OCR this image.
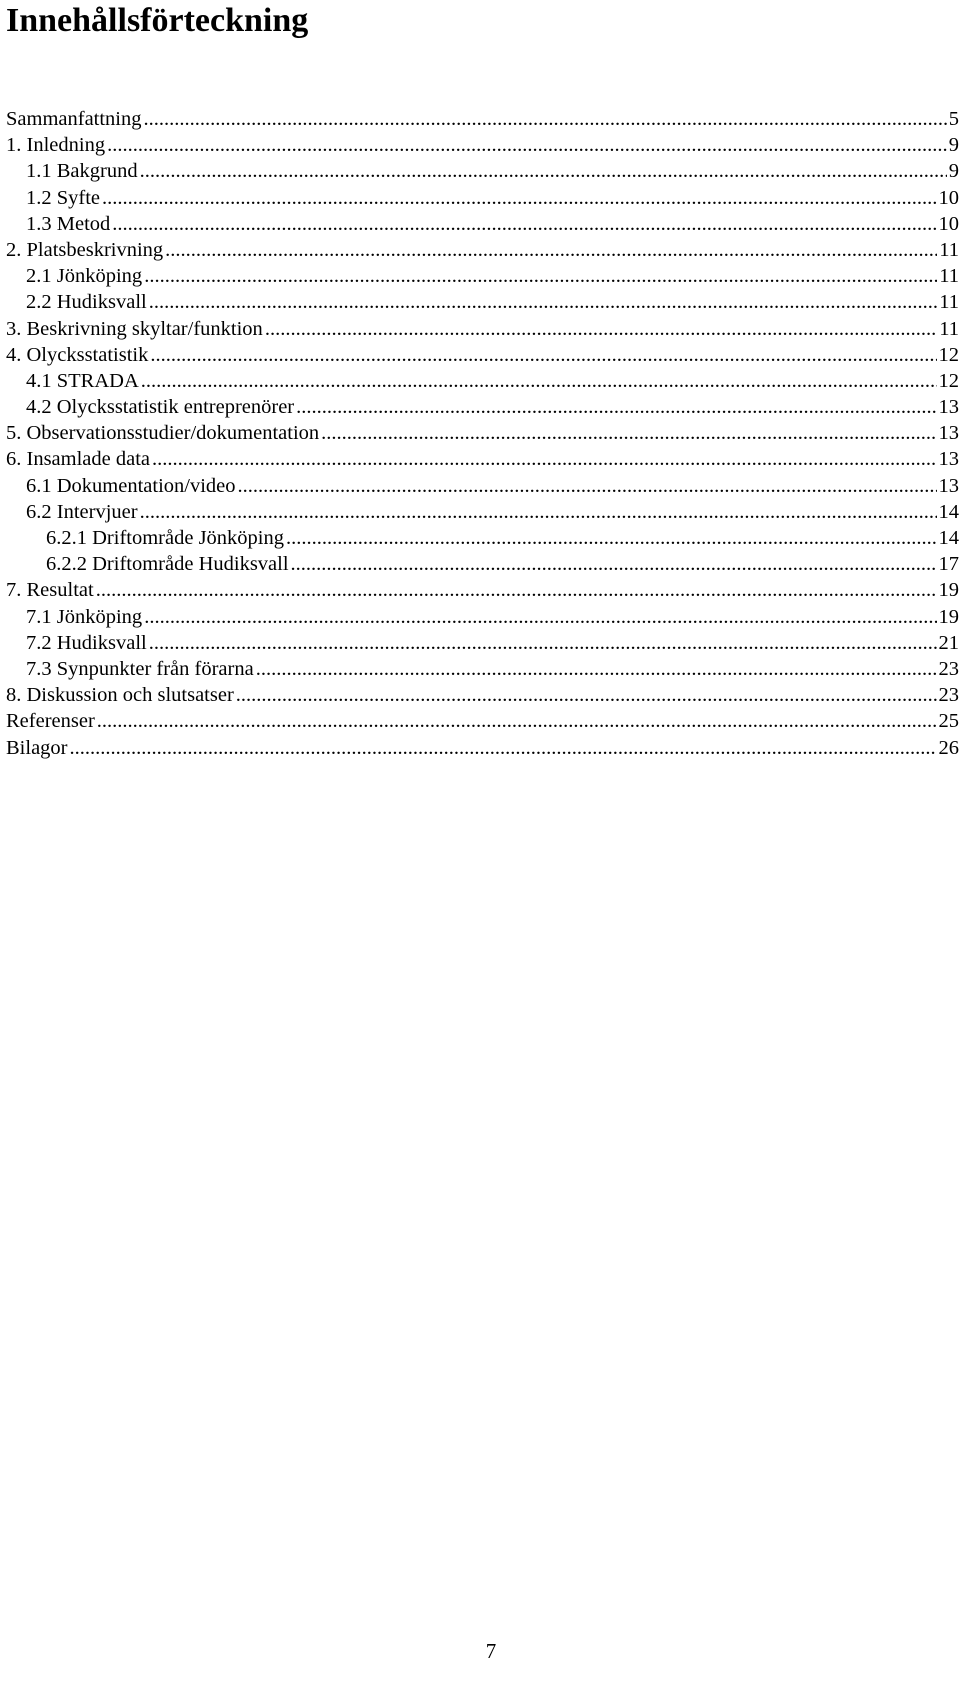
Innehållsförteckning
Sammanfattning .....	5
1. Inledning .....	9
1.1 Bakgrund .....	9
1.2 Syfte .....	10
1.3 Metod .....	10
2. Platsbeskrivning .....	11
2.1 Jönköping .....	11
2.2 Hudiksvall .....	11
3. Beskrivning skyltar/funktion .....	11
4. Olycksstatistik .....	12
4.1 STRADA .....	12
4.2 Olycksstatistik entreprenörer .....	13
5. Observationsstudier/dokumentation .....	13
6. Insamlade data .....	13
6.1 Dokumentation/video .....	13
6.2 Intervjuer .....	14
6.2.1 Driftområde Jönköping .....	14
6.2.2 Driftområde Hudiksvall .....	17
7. Resultat .....	19
7.1 Jönköping .....	19
7.2 Hudiksvall .....	21
7.3 Synpunkter från förarna .....	23
8. Diskussion och slutsatser .....	23
Referenser .....	25
Bilagor .....	26
7
